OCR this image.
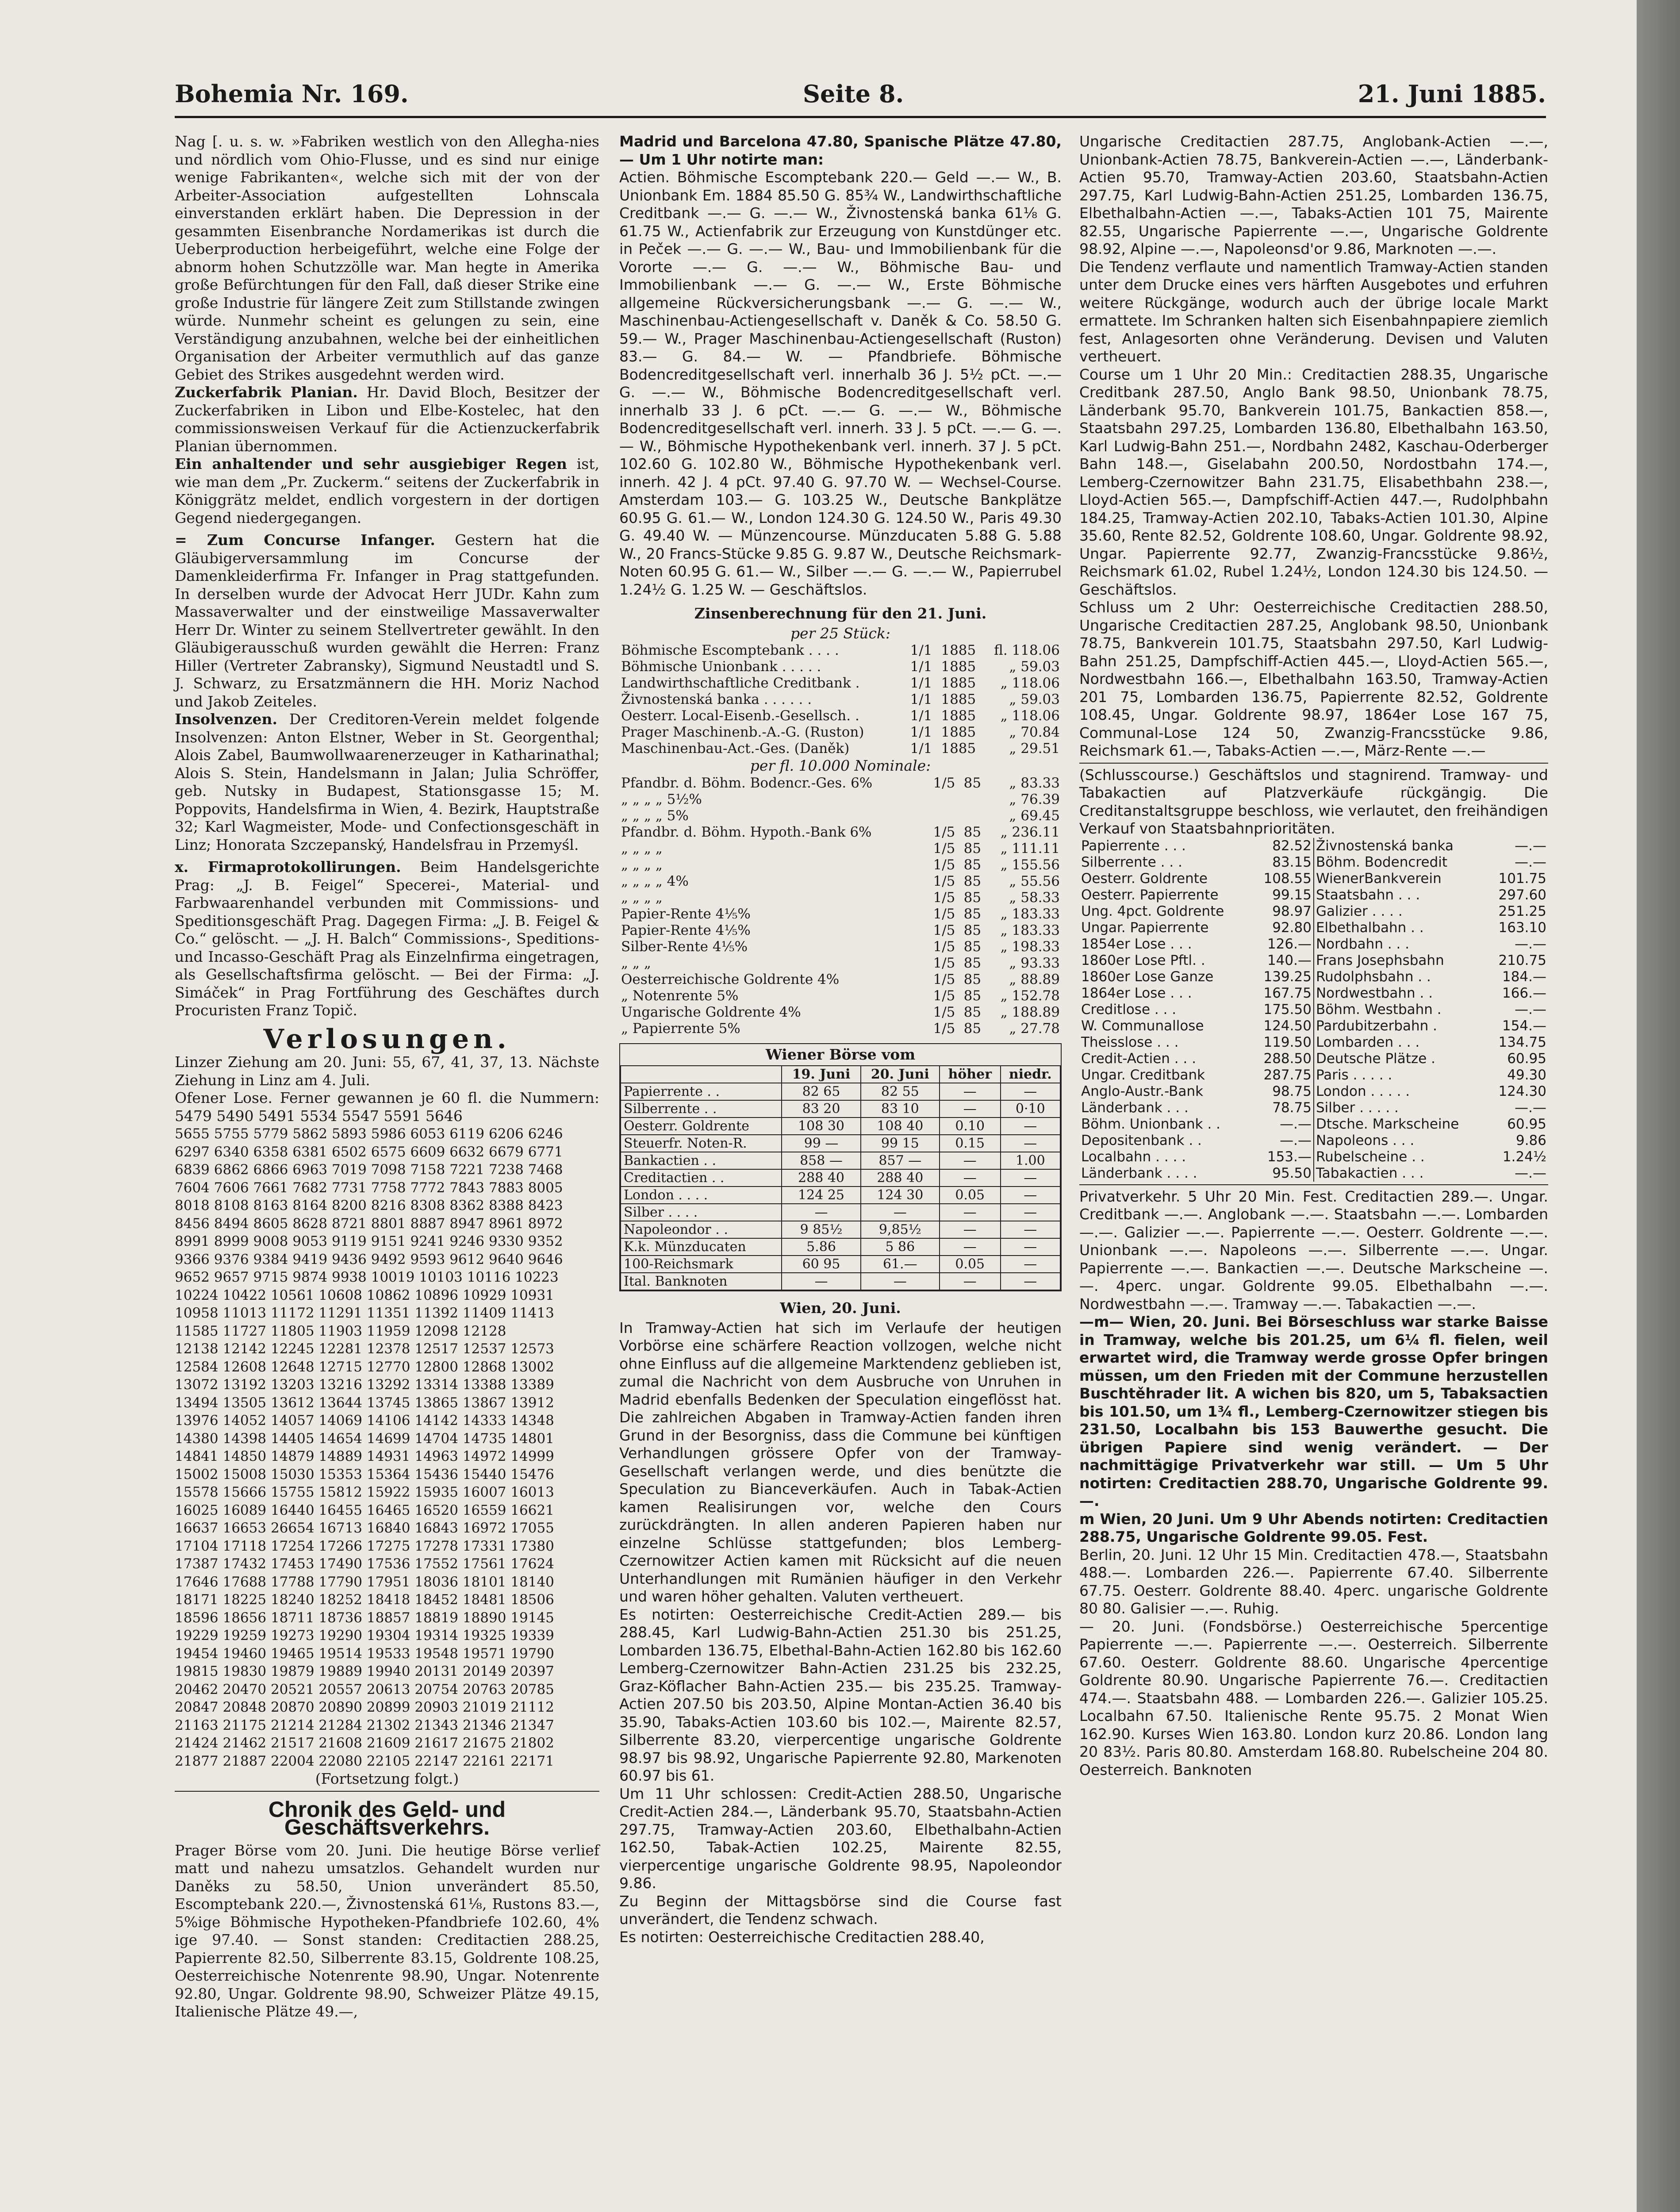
Bohemia Nr. 169.	Seite 8.	21. Juni 1885.

Nag [. u. s. w. »Fabriken westlich von den Allegha-nies und nördlich vom Ohio-Flusse, und es sind nur einige wenige Fabrikanten«, welche sich mit der von der Arbeiter-Association aufgestellten Lohnscala einverstanden erklärt haben. Die Depression in der gesammten Eisenbranche Nordamerikas ist durch die Ueberproduction herbeigeführt, welche eine Folge der abnorm hohen Schutzzölle war. Man hegte in Amerika große Befürchtungen für den Fall, daß dieser Strike eine große Industrie für längere Zeit zum Stillstande zwingen würde. Nunmehr scheint es gelungen zu sein, eine Verständigung anzubahnen, welche bei der einheitlichen Organisation der Arbeiter vermuthlich auf das ganze Gebiet des Strikes ausgedehnt werden wird.

Zuckerfabrik Planian. Hr. David Bloch, Besitzer der Zuckerfabriken in Libon und Elbe-Kostelec, hat den commissionsweisen Verkauf für die Actienzuckerfabrik Planian übernommen.

Ein anhaltender und sehr ausgiebiger Regen ist, wie man dem „Pr. Zuckerm.“ seitens der Zuckerfabrik in Königgrätz meldet, endlich vorgestern in der dortigen Gegend niedergegangen.

= Zum Concurse Infanger. Gestern hat die Gläubigerversammlung im Concurse der Damenkleiderfirma Fr. Infanger in Prag stattgefunden. In derselben wurde der Advocat Herr JUDr. Kahn zum Massaverwalter und der einstweilige Massaverwalter Herr Dr. Winter zu seinem Stellvertreter gewählt. In den Gläubigerausschuß wurden gewählt die Herren: Franz Hiller (Vertreter Zabransky), Sigmund Neustadtl und S. J. Schwarz, zu Ersatzmännern die HH. Moriz Nachod und Jakob Zeiteles.

Insolvenzen. Der Creditoren-Verein meldet folgende Insolvenzen: Anton Elstner, Weber in St. Georgenthal; Alois Zabel, Baumwollwaarenerzeuger in Katharinathal; Alois S. Stein, Handelsmann in Jalan; Julia Schröffer, geb. Nutsky in Budapest, Stationsgasse 15; M. Poppovits, Handelsfirma in Wien, 4. Bezirk, Hauptstraße 32; Karl Wagmeister, Mode- und Confectionsgeschäft in Linz; Honorata Szczepanský, Handelsfrau in Przemyśl.

x. Firmaprotokollirungen. Beim Handelsgerichte Prag: „J. B. Feigel“ Specerei-, Material- und Farbwaarenhandel verbunden mit Commissions- und Speditionsgeschäft Prag. Dagegen Firma: „J. B. Feigel & Co.“ gelöscht. — „J. H. Balch“ Commissions-, Speditions- und Incasso-Geschäft Prag als Einzelnfirma eingetragen, als Gesellschaftsfirma gelöscht. — Bei der Firma: „J. Simáček“ in Prag Fortführung des Geschäftes durch Procuristen Franz Topič.

Verlosungen.

Linzer Ziehung am 20. Juni: 55, 67, 41, 37, 13. Nächste Ziehung in Linz am 4. Juli.

Ofener Lose. Ferner gewannen je 60 fl. die Nummern: 5479 5490 5491 5534 5547 5591 5646

5655 5755 5779 5862 5893 5986 6053 6119 6206 6246
6297 6340 6358 6381 6502 6575 6609 6632 6679 6771
6839 6862 6866 6963 7019 7098 7158 7221 7238 7468
7604 7606 7661 7682 7731 7758 7772 7843 7883 8005
8018 8108 8163 8164 8200 8216 8308 8362 8388 8423
8456 8494 8605 8628 8721 8801 8887 8947 8961 8972
8991 8999 9008 9053 9119 9151 9241 9246 9330 9352
9366 9376 9384 9419 9436 9492 9593 9612 9640 9646
9652 9657 9715 9874 9938 10019 10103 10116 10223
10224 10422 10561 10608 10862 10896 10929 10931
10958 11013 11172 11291 11351 11392 11409 11413
11585 11727 11805 11903 11959 12098 12128
12138 12142 12245 12281 12378 12517 12537 12573
12584 12608 12648 12715 12770 12800 12868 13002
13072 13192 13203 13216 13292 13314 13388 13389
13494 13505 13612 13644 13745 13865 13867 13912
13976 14052 14057 14069 14106 14142 14333 14348
14380 14398 14405 14654 14699 14704 14735 14801
14841 14850 14879 14889 14931 14963 14972 14999
15002 15008 15030 15353 15364 15436 15440 15476
15578 15666 15755 15812 15922 15935 16007 16013
16025 16089 16440 16455 16465 16520 16559 16621
16637 16653 26654 16713 16840 16843 16972 17055
17104 17118 17254 17266 17275 17278 17331 17380
17387 17432 17453 17490 17536 17552 17561 17624
17646 17688 17788 17790 17951 18036 18101 18140
18171 18225 18240 18252 18418 18452 18481 18506
18596 18656 18711 18736 18857 18819 18890 19145
19229 19259 19273 19290 19304 19314 19325 19339
19454 19460 19465 19514 19533 19548 19571 19790
19815 19830 19879 19889 19940 20131 20149 20397
20462 20470 20521 20557 20613 20754 20763 20785
20847 20848 20870 20890 20899 20903 21019 21112
21163 21175 21214 21284 21302 21343 21346 21347
21424 21462 21517 21608 21609 21617 21675 21802
21877 21887 22004 22080 22105 22147 22161 22171
(Fortsetzung folgt.)
Chronik des Geld- und Geschäftsverkehrs.

Prager Börse vom 20. Juni. Die heutige Börse verlief matt und nahezu umsatzlos. Gehandelt wurden nur Daněks zu 58.50, Union unverändert 85.50, Escomptebank 220.—, Živnostenská 61⅛, Rustons 83.—, 5%ige Böhmische Hypotheken-Pfandbriefe 102.60, 4% ige 97.40. — Sonst standen: Creditactien 288.25, Papierrente 82.50, Silberrente 83.15, Goldrente 108.25, Oesterreichische Notenrente 98.90, Ungar. Notenrente 92.80, Ungar. Goldrente 98.90, Schweizer Plätze 49.15, Italienische Plätze 49.—,

Madrid und Barcelona 47.80, Spanische Plätze 47.80, — Um 1 Uhr notirte man:

Actien. Böhmische Escomptebank 220.— Geld —.— W., B. Unionbank Em. 1884 85.50 G. 85¾ W., Landwirthschaftliche Creditbank —.— G. —.— W., Živnostenská banka 61⅛ G. 61.75 W., Actienfabrik zur Erzeugung von Kunstdünger etc. in Peček —.— G. —.— W., Bau- und Immobilienbank für die Vororte —.— G. —.— W., Böhmische Bau- und Immobilienbank —.— G. —.— W., Erste Böhmische allgemeine Rückversicherungsbank —.— G. —.— W., Maschinenbau-Actiengesellschaft v. Daněk & Co. 58.50 G. 59.— W., Prager Maschinenbau-Actiengesellschaft (Ruston) 83.— G. 84.— W. — Pfandbriefe. Böhmische Bodencreditgesellschaft verl. innerhalb 36 J. 5½ pCt. —.— G. —.— W., Böhmische Bodencreditgesellschaft verl. innerhalb 33 J. 6 pCt. —.— G. —.— W., Böhmische Bodencreditgesellschaft verl. innerh. 33 J. 5 pCt. —.— G. —.— W., Böhmische Hypothekenbank verl. innerh. 37 J. 5 pCt. 102.60 G. 102.80 W., Böhmische Hypothekenbank verl. innerh. 42 J. 4 pCt. 97.40 G. 97.70 W. — Wechsel-Course. Amsterdam 103.— G. 103.25 W., Deutsche Bankplätze 60.95 G. 61.— W., London 124.30 G. 124.50 W., Paris 49.30 G. 49.40 W. — Münzencourse. Münzducaten 5.88 G. 5.88 W., 20 Francs-Stücke 9.85 G. 9.87 W., Deutsche Reichsmark-Noten 60.95 G. 61.— W., Silber —.— G. —.— W., Papierrubel 1.24½ G. 1.25 W. — Geschäftslos.

Zinsenberechnung für den 21. Juni.
per 25 Stück:
Böhmische Escomptebank . . . .	1/1	1885	fl. 118.06
Böhmische Unionbank . . . . .	1/1	1885	„ 59.03
Landwirthschaftliche Creditbank .	1/1	1885	„ 118.06
Živnostenská banka . . . . . .	1/1	1885	„ 59.03
Oesterr. Local-Eisenb.-Gesellsch. .	1/1	1885	„ 118.06
Prager Maschinenb.-A.-G. (Ruston)	1/1	1885	„ 70.84
Maschinenbau-Act.-Ges. (Daněk)	1/1	1885	„ 29.51
per fl. 10.000 Nominale:
Pfandbr. d. Böhm. Bodencr.-Ges. 6%	1/5	85	„ 83.33
„ „ „ „ 5½%			„ 76.39
„ „ „ „ 5%			„ 69.45
Pfandbr. d. Böhm. Hypoth.-Bank 6%	1/5	85	„ 236.11
„ „ „ „	1/5	85	„ 111.11
„ „ „ „	1/5	85	„ 155.56
„ „ „ „ 4%	1/5	85	„ 55.56
„ „ „ „	1/5	85	„ 58.33
Papier-Rente 4⅕%	1/5	85	„ 183.33
Papier-Rente 4⅕%	1/5	85	„ 183.33
Silber-Rente 4⅕%	1/5	85	„ 198.33
„ „ „	1/5	85	„ 93.33
Oesterreichische Goldrente 4%	1/5	85	„ 88.89
„ Notenrente 5%	1/5	85	„ 152.78
Ungarische Goldrente 4%	1/5	85	„ 188.89
„ Papierrente 5%	1/5	85	„ 27.78
Wiener Börse vom
	19. Juni	20. Juni	höher	niedr.
Papierrente . .	82 65	82 55	—	—
Silberrente . .	83 20	83 10	—	0·10
Oesterr. Goldrente	108 30	108 40	0.10	—
Steuerfr. Noten-R.	99 —	99 15	0.15	—
Bankactien . .	858 —	857 —	—	1.00
Creditactien . .	288 40	288 40	—	—
London . . . .	124 25	124 30	0.05	—
Silber . . . .	—	—	—	—
Napoleondor . .	9 85½	9,85½	—	—
K.k. Münzducaten	5.86	5 86	—	—
100-Reichsmark	60 95	61.—	0.05	—
Ital. Banknoten	—	—	—	—
Wien, 20. Juni.

In Tramway-Actien hat sich im Verlaufe der heutigen Vorbörse eine schärfere Reaction vollzogen, welche nicht ohne Einfluss auf die allgemeine Marktendenz geblieben ist, zumal die Nachricht von dem Ausbruche von Unruhen in Madrid ebenfalls Bedenken der Speculation eingeflösst hat. Die zahlreichen Abgaben in Tramway-Actien fanden ihren Grund in der Besorgniss, dass die Commune bei künftigen Verhandlungen grössere Opfer von der Tramway-Gesellschaft verlangen werde, und dies benützte die Speculation zu Bianceverkäufen. Auch in Tabak-Actien kamen Realisirungen vor, welche den Cours zurückdrängten. In allen anderen Papieren haben nur einzelne Schlüsse stattgefunden; blos Lemberg-Czernowitzer Actien kamen mit Rücksicht auf die neuen Unterhandlungen mit Rumänien häufiger in den Verkehr und waren höher gehalten. Valuten vertheuert.

Es notirten: Oesterreichische Credit-Actien 289.— bis 288.45, Karl Ludwig-Bahn-Actien 251.30 bis 251.25, Lombarden 136.75, Elbethal-Bahn-Actien 162.80 bis 162.60 Lemberg-Czernowitzer Bahn-Actien 231.25 bis 232.25, Graz-Köflacher Bahn-Actien 235.— bis 235.25. Tramway-Actien 207.50 bis 203.50, Alpine Montan-Actien 36.40 bis 35.90, Tabaks-Actien 103.60 bis 102.—, Mairente 82.57, Silberrente 83.20, vierpercentige ungarische Goldrente 98.97 bis 98.92, Ungarische Papierrente 92.80, Markenoten 60.97 bis 61.

Um 11 Uhr schlossen: Credit-Actien 288.50, Ungarische Credit-Actien 284.—, Länderbank 95.70, Staatsbahn-Actien 297.75, Tramway-Actien 203.60, Elbethalbahn-Actien 162.50, Tabak-Actien 102.25, Mairente 82.55, vierpercentige ungarische Goldrente 98.95, Napoleondor 9.86.

Zu Beginn der Mittagsbörse sind die Course fast unverändert, die Tendenz schwach.

Es notirten: Oesterreichische Creditactien 288.40,

Ungarische Creditactien 287.75, Anglobank-Actien —.—, Unionbank-Actien 78.75, Bankverein-Actien —.—, Länderbank-Actien 95.70, Tramway-Actien 203.60, Staatsbahn-Actien 297.75, Karl Ludwig-Bahn-Actien 251.25, Lombarden 136.75, Elbethalbahn-Actien —.—, Tabaks-Actien 101 75, Mairente 82.55, Ungarische Papierrente —.—, Ungarische Goldrente 98.92, Alpine —.—, Napoleonsd'or 9.86, Marknoten —.—.

Die Tendenz verflaute und namentlich Tramway-Actien standen unter dem Drucke eines vers härften Ausgebotes und erfuhren weitere Rückgänge, wodurch auch der übrige locale Markt ermattete. Im Schranken halten sich Eisenbahnpapiere ziemlich fest, Anlagesorten ohne Veränderung. Devisen und Valuten vertheuert.

Course um 1 Uhr 20 Min.: Creditactien 288.35, Ungarische Creditbank 287.50, Anglo Bank 98.50, Unionbank 78.75, Länderbank 95.70, Bankverein 101.75, Bankactien 858.—, Staatsbahn 297.25, Lombarden 136.80, Elbethalbahn 163.50, Karl Ludwig-Bahn 251.—, Nordbahn 2482, Kaschau-Oderberger Bahn 148.—, Giselabahn 200.50, Nordostbahn 174.—, Lemberg-Czernowitzer Bahn 231.75, Elisabethbahn 238.—, Lloyd-Actien 565.—, Dampfschiff-Actien 447.—, Rudolphbahn 184.25, Tramway-Actien 202.10, Tabaks-Actien 101.30, Alpine 35.60, Rente 82.52, Goldrente 108.60, Ungar. Goldrente 98.92, Ungar. Papierrente 92.77, Zwanzig-Francsstücke 9.86½, Reichsmark 61.02, Rubel 1.24½, London 124.30 bis 124.50. — Geschäftslos.

Schluss um 2 Uhr: Oesterreichische Creditactien 288.50, Ungarische Creditactien 287.25, Anglobank 98.50, Unionbank 78.75, Bankverein 101.75, Staatsbahn 297.50, Karl Ludwig-Bahn 251.25, Dampfschiff-Actien 445.—, Lloyd-Actien 565.—, Nordwestbahn 166.—, Elbethalbahn 163.50, Tramway-Actien 201 75, Lombarden 136.75, Papierrente 82.52, Goldrente 108.45, Ungar. Goldrente 98.97, 1864er Lose 167 75, Communal-Lose 124 50, Zwanzig-Francsstücke 9.86, Reichsmark 61.—, Tabaks-Actien —.—, März-Rente —.—

(Schlusscourse.) Geschäftslos und stagnirend. Tramway- und Tabakactien auf Platzverkäufe rückgängig. Die Creditanstaltsgruppe beschloss, wie verlautet, den freihändigen Verkauf von Staatsbahnprioritäten.

Papierrente . . .	82.52	Živnostenská banka	—.—
Silberrente . . .	83.15	Böhm. Bodencredit	—.—
Oesterr. Goldrente	108.55	WienerBankverein	101.75
Oesterr. Papierrente	99.15	Staatsbahn . . .	297.60
Ung. 4pct. Goldrente	98.97	Galizier . . . .	251.25
Ungar. Papierrente	92.80	Elbethalbahn . .	163.10
1854er Lose . . .	126.—	Nordbahn . . .	—.—
1860er Lose Pftl. .	140.—	Frans Josephsbahn	210.75
1860er Lose Ganze	139.25	Rudolphsbahn . .	184.—
1864er Lose . . .	167.75	Nordwestbahn . .	166.—
Creditlose . . .	175.50	Böhm. Westbahn .	—.—
W. Communallose	124.50	Pardubitzerbahn .	154.—
Theisslose . . .	119.50	Lombarden . . .	134.75
Credit-Actien . . .	288.50	Deutsche Plätze .	60.95
Ungar. Creditbank	287.75	Paris . . . . .	49.30
Anglo-Austr.-Bank	98.75	London . . . . .	124.30
Länderbank . . .	78.75	Silber . . . . .	—.—
Böhm. Unionbank . .	—.—	Dtsche. Markscheine	60.95
Depositenbank . .	—.—	Napoleons . . .	9.86
Localbahn . . . .	153.—	Rubelscheine . .	1.24½
Länderbank . . . .	95.50	Tabakactien . . .	—.—

Privatverkehr. 5 Uhr 20 Min. Fest. Creditactien 289.—. Ungar. Creditbank —.—. Anglobank —.—. Staatsbahn —.—. Lombarden —.—. Galizier —.—. Papierrente —.—. Oesterr. Goldrente —.—. Unionbank —.—. Napoleons —.—. Silberrente —.—. Ungar. Papierrente —.—. Bankactien —.—. Deutsche Markscheine —.—. 4perc. ungar. Goldrente 99.05. Elbethalbahn —.—. Nordwestbahn —.—. Tramway —.—. Tabakactien —.—.

—m— Wien, 20. Juni. Bei Börseschluss war starke Baisse in Tramway, welche bis 201.25, um 6¼ fl. fielen, weil erwartet wird, die Tramway werde grosse Opfer bringen müssen, um den Frieden mit der Commune herzustellen Buschtěhrader lit. A wichen bis 820, um 5, Tabaksactien bis 101.50, um 1¾ fl., Lemberg-Czernowitzer stiegen bis 231.50, Localbahn bis 153 Bauwerthe gesucht. Die übrigen Papiere sind wenig verändert. — Der nachmittägige Privatverkehr war still. — Um 5 Uhr notirten: Creditactien 288.70, Ungarische Goldrente 99.—.

m Wien, 20 Juni. Um 9 Uhr Abends notirten: Creditactien 288.75, Ungarische Goldrente 99.05. Fest.

Berlin, 20. Juni. 12 Uhr 15 Min. Creditactien 478.—, Staatsbahn 488.—. Lombarden 226.—. Papierrente 67.40. Silberrente 67.75. Oesterr. Goldrente 88.40. 4perc. ungarische Goldrente 80 80. Galisier —.—. Ruhig.

— 20. Juni. (Fondsbörse.) Oesterreichische 5percentige Papierrente —.—. Papierrente —.—. Oesterreich. Silberrente 67.60. Oesterr. Goldrente 88.60. Ungarische 4percentige Goldrente 80.90. Ungarische Papierrente 76.—. Creditactien 474.—. Staatsbahn 488. — Lombarden 226.—. Galizier 105.25. Localbahn 67.50. Italienische Rente 95.75. 2 Monat Wien 162.90. Kurses Wien 163.80. London kurz 20.86. London lang 20 83½. Paris 80.80. Amsterdam 168.80. Rubelscheine 204 80. Oesterreich. Banknoten
